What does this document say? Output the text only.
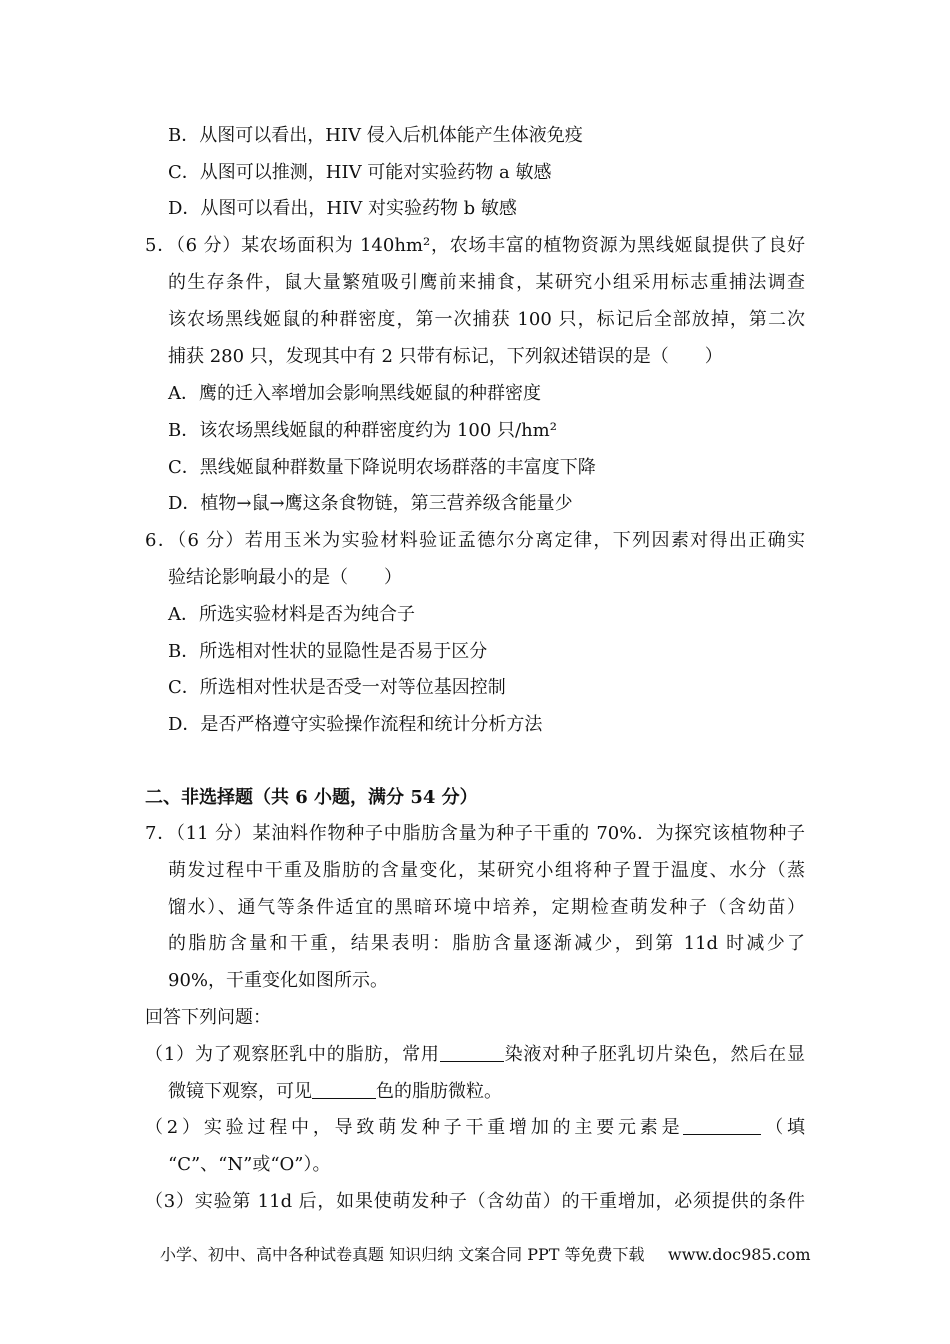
B．从图可以看出，HIV 侵入后机体能产生体液免疫
C．从图可以推测，HIV 可能对实验药物 a 敏感
D．从图可以看出，HIV 对实验药物 b 敏感
5．（6 分）某农场面积为 140hm²，农场丰富的植物资源为黑线姬鼠提供了良好
的生存条件，鼠大量繁殖吸引鹰前来捕食，某研究小组采用标志重捕法调查
该农场黑线姬鼠的种群密度，第一次捕获 100 只，标记后全部放掉，第二次
捕获 280 只，发现其中有 2 只带有标记，下列叙述错误的是（　　）
A．鹰的迁入率增加会影响黑线姬鼠的种群密度
B．该农场黑线姬鼠的种群密度约为 100 只/hm²
C．黑线姬鼠种群数量下降说明农场群落的丰富度下降
D．植物→鼠→鹰这条食物链，第三营养级含能量少
6．（6 分）若用玉米为实验材料验证孟德尔分离定律，下列因素对得出正确实
验结论影响最小的是（　　）
A．所选实验材料是否为纯合子
B．所选相对性状的显隐性是否易于区分
C．所选相对性状是否受一对等位基因控制
D．是否严格遵守实验操作流程和统计分析方法
二、非选择题（共 6 小题，满分 54 分）
7．（11 分）某油料作物种子中脂肪含量为种子干重的 70%．为探究该植物种子
萌发过程中干重及脂肪的含量变化，某研究小组将种子置于温度、水分（蒸
馏水）、通气等条件适宜的黑暗环境中培养，定期检查萌发种子（含幼苗）
的脂肪含量和干重，结果表明：脂肪含量逐渐减少，到第 11d 时减少了
90%，干重变化如图所示。
回答下列问题：
（1）为了观察胚乳中的脂肪，常用	染液对种子胚乳切片染色，然后在显
微镜下观察，可见	色的脂肪微粒。
（2）实验过程中，导致萌发种子干重增加的主要元素是	（填
“C”、“N”或“O”）。
（3）实验第 11d 后，如果使萌发种子（含幼苗）的干重增加，必须提供的条件
小学、初中、高中各种试卷真题 知识归纳 文案合同 PPT 等免费下载 www.doc985.com
